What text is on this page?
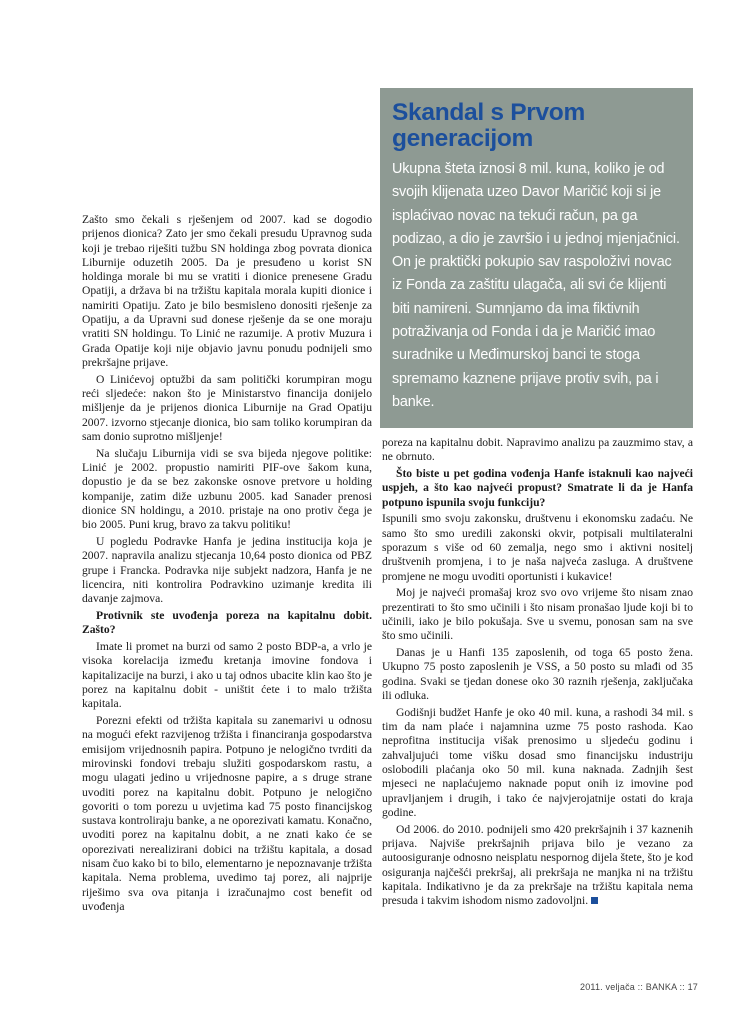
Skandal s Prvom generacijom

Ukupna šteta iznosi 8 mil. kuna, koliko je od svojih klijenata uzeo Davor Maričić koji si je isplaćivao novac na tekući račun, pa ga podizao, a dio je završio i u jednoj mjenjačnici. On je praktički pokupio sav raspoloživi novac iz Fonda za zaštitu ulagača, ali svi će klijenti biti namireni. Sumnjamo da ima fiktivnih potraživanja od Fonda i da je Maričić imao suradnike u Međimurskoj banci te stoga spremamo kaznene prijave protiv svih, pa i banke.

Zašto smo čekali s rješenjem od 2007. kad se dogodio prijenos dionica? Zato jer smo čekali presudu Upravnog suda koji je trebao riješiti tužbu SN holdinga zbog povrata dionica Liburnije oduzetih 2005. Da je presuđeno u korist SN holdinga morale bi mu se vratiti i dionice prenesene Gradu Opatiji, a država bi na tržištu kapitala morala kupiti dionice i namiriti Opatiju. Zato je bilo besmisleno donositi rješenje za Opatiju, a da Upravni sud donese rješenje da se one moraju vratiti SN holdingu. To Linić ne razumije. A protiv Muzura i Grada Opatije koji nije objavio javnu ponudu podnijeli smo prekršajne prijave.

O Linićevoj optužbi da sam politički korumpiran mogu reći sljedeće: nakon što je Ministarstvo financija donijelo mišljenje da je prijenos dionica Liburnije na Grad Opatiju 2007. izvorno stjecanje dionica, bio sam toliko korumpiran da sam donio suprotno mišljenje!

Na slučaju Liburnija vidi se sva bijeda njegove politike: Linić je 2002. propustio namiriti PIF-ove šakom kuna, dopustio je da se bez zakonske osnove pretvore u holding kompanije, zatim diže uzbunu 2005. kad Sanader prenosi dionice SN holdingu, a 2010. pristaje na ono protiv čega je bio 2005. Puni krug, bravo za takvu politiku!

U pogledu Podravke Hanfa je jedina institucija koja je 2007. napravila analizu stjecanja 10,64 posto dionica od PBZ grupe i Francka. Podravka nije subjekt nadzora, Hanfa je ne licencira, niti kontrolira Podravkino uzimanje kredita ili davanje zajmova.

Protivnik ste uvođenja poreza na kapitalnu dobit. Zašto?

Imate li promet na burzi od samo 2 posto BDP-a, a vrlo je visoka korelacija između kretanja imovine fondova i kapitalizacije na burzi, i ako u taj odnos ubacite klin kao što je porez na kapitalnu dobit - uništit ćete i to malo tržišta kapitala.

Porezni efekti od tržišta kapitala su zanemarivi u odnosu na mogući efekt razvijenog tržišta i financiranja gospodarstva emisijom vrijednosnih papira. Potpuno je nelogično tvrditi da mirovinski fondovi trebaju služiti gospodarskom rastu, a mogu ulagati jedino u vrijednosne papire, a s druge strane uvoditi porez na kapitalnu dobit. Potpuno je nelogično govoriti o tom porezu u uvjetima kad 75 posto financijskog sustava kontroliraju banke, a ne oporezivati kamatu. Konačno, uvoditi porez na kapitalnu dobit, a ne znati kako će se oporezivati nerealizirani dobici na tržištu kapitala, a dosad nisam čuo kako bi to bilo, elementarno je nepoznavanje tržišta kapitala. Nema problema, uvedimo taj porez, ali najprije riješimo sva ova pitanja i izračunajmo cost benefit od uvođenja

poreza na kapitalnu dobit. Napravimo analizu pa zauzmimo stav, a ne obrnuto.

Što biste u pet godina vođenja Hanfe istaknuli kao najveći uspjeh, a što kao najveći propust? Smatrate li da je Hanfa potpuno ispunila svoju funkciju?

Ispunili smo svoju zakonsku, društvenu i ekonomsku zadaću. Ne samo što smo uredili zakonski okvir, potpisali multilateralni sporazum s više od 60 zemalja, nego smo i aktivni nositelj društvenih promjena, i to je naša najveća zasluga. A društvene promjene ne mogu uvoditi oportunisti i kukavice!

Moj je najveći promašaj kroz svo ovo vrijeme što nisam znao prezentirati to što smo učinili i što nisam pronašao ljude koji bi to učinili, iako je bilo pokušaja. Sve u svemu, ponosan sam na sve što smo učinili.

Danas je u Hanfi 135 zaposlenih, od toga 65 posto žena. Ukupno 75 posto zaposlenih je VSS, a 50 posto su mlađi od 35 godina. Svaki se tjedan donese oko 30 raznih rješenja, zaključaka ili odluka.

Godišnji budžet Hanfe je oko 40 mil. kuna, a rashodi 34 mil. s tim da nam plaće i najamnina uzme 75 posto rashoda. Kao neprofitna institucija višak prenosimo u sljedeću godinu i zahvaljujući tome višku dosad smo financijsku industriju oslobodili plaćanja oko 50 mil. kuna naknada. Zadnjih šest mjeseci ne naplaćujemo naknade poput onih iz imovine pod upravljanjem i drugih, i tako će najvjerojatnije ostati do kraja godine.

Od 2006. do 2010. podnijeli smo 420 prekršajnih i 37 kaznenih prijava. Najviše prekršajnih prijava bilo je vezano za autoosiguranje odnosno neisplatu nespornog dijela štete, što je kod osiguranja najčešći prekršaj, ali prekršaja ne manjka ni na tržištu kapitala. Indikativno je da za prekršaje na tržištu kapitala nema presuda i takvim ishodom nismo zadovoljni.

2011. veljača :: BANKA :: 17
